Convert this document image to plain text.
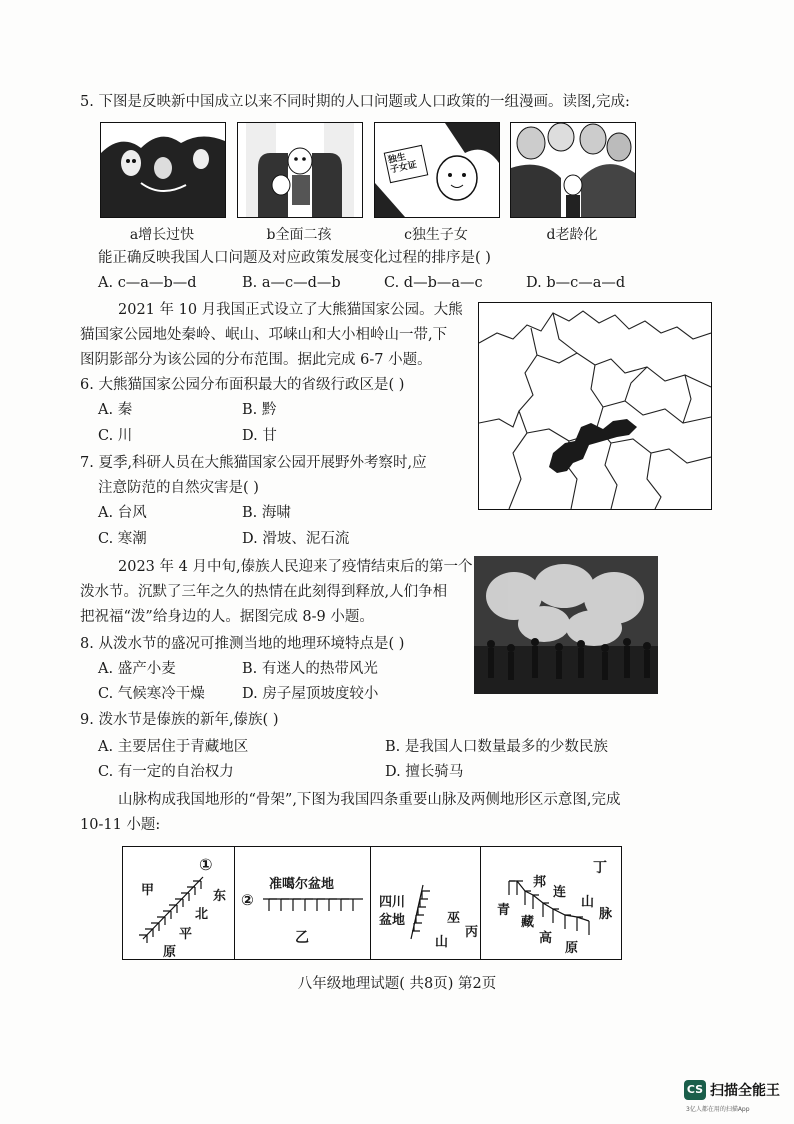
5. 下图是反映新中国成立以来不同时期的人口问题或人口政策的一组漫画。读图,完成:
独生
子女证
a增长过快	b全面二孩	c独生子女	d老龄化
能正确反映我国人口问题及对应政策发展变化过程的排序是( )
A. c—a—b—d	B. a—c—d—b	C. d—b—a—c	D. b—c—a—d
2021 年 10 月我国正式设立了大熊猫国家公园。大熊
猫国家公园地处秦岭、岷山、邛崃山和大小相岭山一带,下
图阴影部分为该公园的分布范围。据此完成 6-7 小题。
6. 大熊猫国家公园分布面积最大的省级行政区是( )
A. 秦	B. 黔
C. 川	D. 甘
7. 夏季,科研人员在大熊猫国家公园开展野外考察时,应
注意防范的自然灾害是( )
A. 台风	B. 海啸
C. 寒潮	D. 滑坡、泥石流
2023 年 4 月中旬,傣族人民迎来了疫情结束后的第一个
泼水节。沉默了三年之久的热情在此刻得到释放,人们争相
把祝福“泼”给身边的人。据图完成 8-9 小题。
8. 从泼水节的盛况可推测当地的地理环境特点是( )
A. 盛产小麦	B. 有迷人的热带风光
C. 气候寒冷干燥	D. 房子屋顶坡度较小
9. 泼水节是傣族的新年,傣族( )
A. 主要居住于青藏地区	B. 是我国人口数量最多的少数民族
C. 有一定的自治权力	D. 擅长骑马
山脉构成我国地形的“骨架”,下图为我国四条重要山脉及两侧地形区示意图,完成
10-11 小题:
甲
①
东
北
平
原
②
准噶尔盆地
乙
四川
盆地	巫
山
丙
丁
邦
连
山
脉
青
藏
高
原
八年级地理试题( 共8页) 第2页
CS 扫描全能王
3亿人都在用的扫描App
